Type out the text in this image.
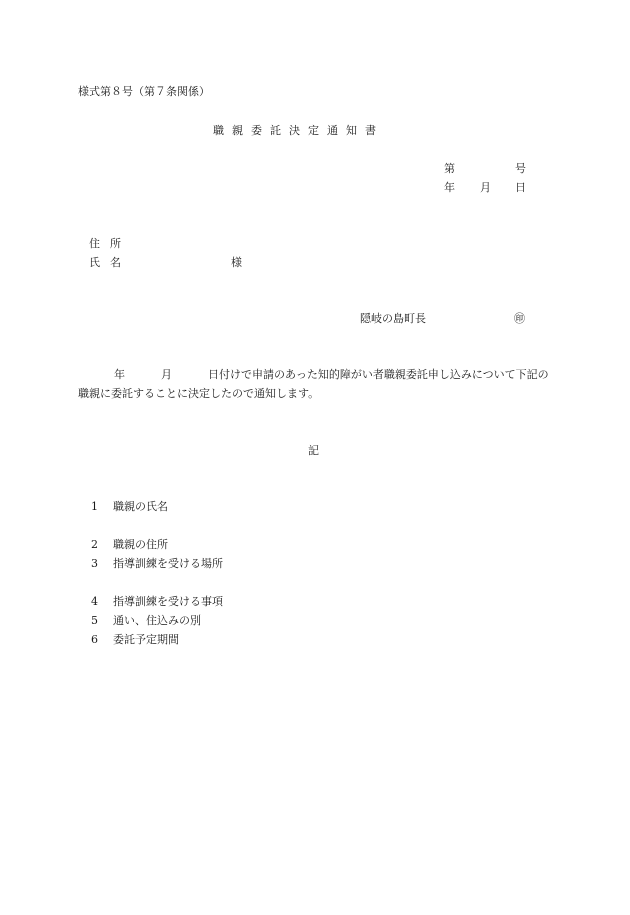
様式第８号（第７条関係）
職親委託決定通知書
第	号
年 月 日
住所
氏名	様
隠岐の島町長	㊞
年	月	日付けで申請のあった知的障がい者職親委託申し込みについて下記の
職親に委託することに決定したので通知します。
記
1 職親の氏名
2 職親の住所
3 指導訓練を受ける場所
4 指導訓練を受ける事項
5 通い、住込みの別
6 委託予定期間
